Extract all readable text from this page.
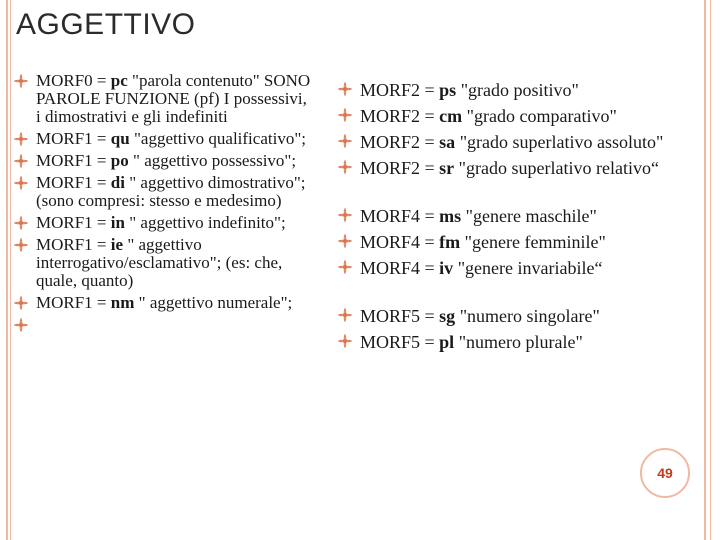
AGGETTIVO
MORF0 = pc "parola contenuto" SONO PAROLE FUNZIONE (pf) I possessivi, i dimostrativi e gli indefiniti
MORF1 = qu "aggettivo qualificativo";
MORF1 = po " aggettivo possessivo";
MORF1 = di " aggettivo dimostrativo"; (sono compresi: stesso e medesimo)
MORF1 = in " aggettivo indefinito";
MORF1 = ie " aggettivo interrogativo/esclamativo"; (es: che, quale, quanto)
MORF1 = nm " aggettivo numerale";
MORF2 = ps "grado positivo"
MORF2 = cm "grado comparativo"
MORF2 = sa "grado superlativo assoluto"
MORF2 = sr "grado superlativo relativo“
MORF4 = ms "genere maschile"
MORF4 = fm "genere femminile"
MORF4 = iv "genere invariabile“
MORF5 = sg "numero singolare"
MORF5 = pl "numero plurale"
49
